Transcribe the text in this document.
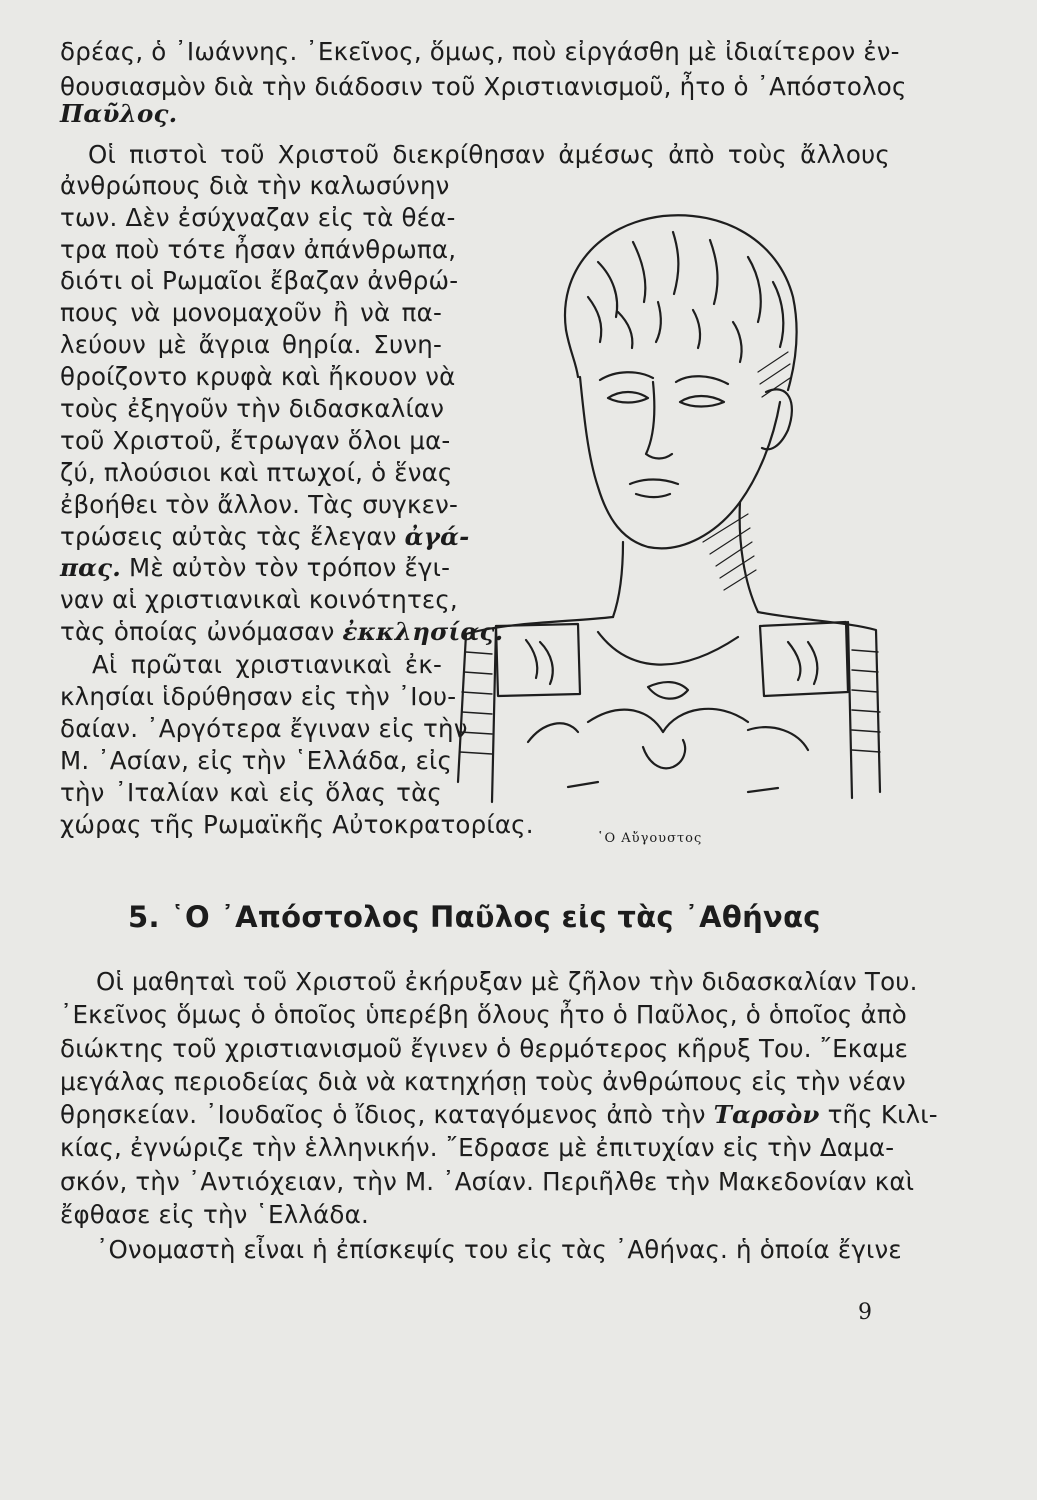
δρέας, ὁ ᾽Ιωάννης. ᾽Εκεῖνος, ὅμως, ποὺ εἰργάσθη μὲ ἰδιαίτερον ἐν-
θουσιασμὸν διὰ τὴν διάδοσιν τοῦ Χριστιανισμοῦ, ἦτο ὁ ᾽Απόστολος
Παῦλος.
Οἱ πιστοὶ τοῦ Χριστοῦ διεκρίθησαν ἀμέσως ἀπὸ τοὺς ἄλλους
ἀνθρώπους διὰ τὴν καλωσύνην
των. Δὲν ἐσύχναζαν εἰς τὰ θέα-
τρα ποὺ τότε ἦσαν ἀπάνθρωπα,
διότι οἱ Ρωμαῖοι ἔβαζαν ἀνθρώ-
πους νὰ μονομαχοῦν ἢ νὰ πα-
λεύουν μὲ ἄγρια θηρία. Συνη-
θροίζοντο κρυφὰ καὶ ἤκουον νὰ
τοὺς ἐξηγοῦν τὴν διδασκαλίαν
τοῦ Χριστοῦ, ἔτρωγαν ὅλοι μα-
ζύ, πλούσιοι καὶ πτωχοί, ὁ ἕνας
ἐβοήθει τὸν ἄλλον. Τὰς συγκεν-
τρώσεις αὐτὰς τὰς ἔλεγαν ἀγά-
πας. Μὲ αὐτὸν τὸν τρόπον ἔγι-
ναν αἱ χριστιανικαὶ κοινότητες,
τὰς ὁποίας ὠνόμασαν ἐκκλησίας.
Αἱ πρῶται χριστιανικαὶ ἐκ-
κλησίαι ἱδρύθησαν εἰς τὴν ᾽Ιου-
δαίαν. ᾽Αργότερα ἔγιναν εἰς τὴν
Μ. ᾽Ασίαν, εἰς τὴν ῾Ελλάδα, εἰς
τὴν ᾽Ιταλίαν καὶ εἰς ὅλας τὰς
χώρας τῆς Ρωμαϊκῆς Αὐτοκρατορίας.	῾Ο Αὔγουστος
5. ῾Ο ᾽Απόστολος Παῦλος εἰς τὰς ᾽Αθήνας
Οἱ μαθηταὶ τοῦ Χριστοῦ ἐκήρυξαν μὲ ζῆλον τὴν διδασκαλίαν Του.
᾽Εκεῖνος ὅμως ὁ ὁποῖος ὑπερέβη ὅλους ἦτο ὁ Παῦλος, ὁ ὁποῖος ἀπὸ
διώκτης τοῦ χριστιανισμοῦ ἔγινεν ὁ θερμότερος κῆρυξ Του. ῎Εκαμε
μεγάλας περιοδείας διὰ νὰ κατηχήσῃ τοὺς ἀνθρώπους εἰς τὴν νέαν
θρησκείαν. ᾽Ιουδαῖος ὁ ἴδιος, καταγόμενος ἀπὸ τὴν Ταρσὸν τῆς Κιλι-
κίας, ἐγνώριζε τὴν ἑλληνικήν. ῎Εδρασε μὲ ἐπιτυχίαν εἰς τὴν Δαμα-
σκόν, τὴν ᾽Αντιόχειαν, τὴν Μ. ᾽Ασίαν. Περιῆλθε τὴν Μακεδονίαν καὶ
ἔφθασε εἰς τὴν ῾Ελλάδα.
᾽Ονομαστὴ εἶναι ἡ ἐπίσκεψίς του εἰς τὰς ᾽Αθήνας. ἡ ὁποία ἔγινε
9
